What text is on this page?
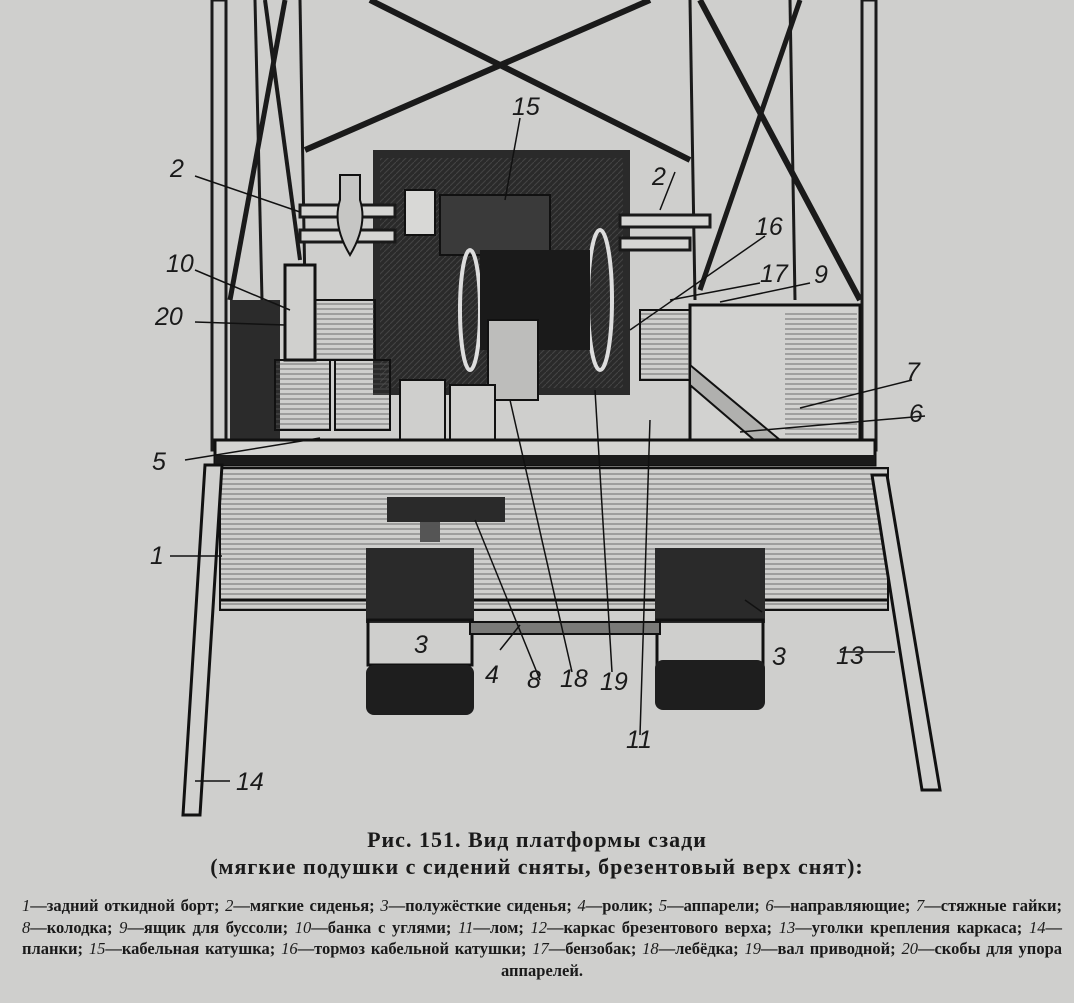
1
2	2
3	3
4
5
6
7
8
9
10
11
13
14
15
16
17
18 19
20
Рис. 151. Вид платформы сзади
(мягкие подушки с сидений сняты, брезентовый верх снят):
1—задний откидной борт; 2—мягкие сиденья; 3—полужёсткие сиденья; 4—ролик; 5—аппарели; 6—направляющие; 7—стяжные гайки; 8—колодка; 9—ящик для буссоли; 10—банка с углями; 11—лом; 12—каркас брезентового верха; 13—уголки крепления каркаса; 14—планки; 15—кабельная катушка; 16—тормоз кабельной катушки; 17—бензобак; 18—лебёдка; 19—вал приводной; 20—скобы для упора аппарелей.
